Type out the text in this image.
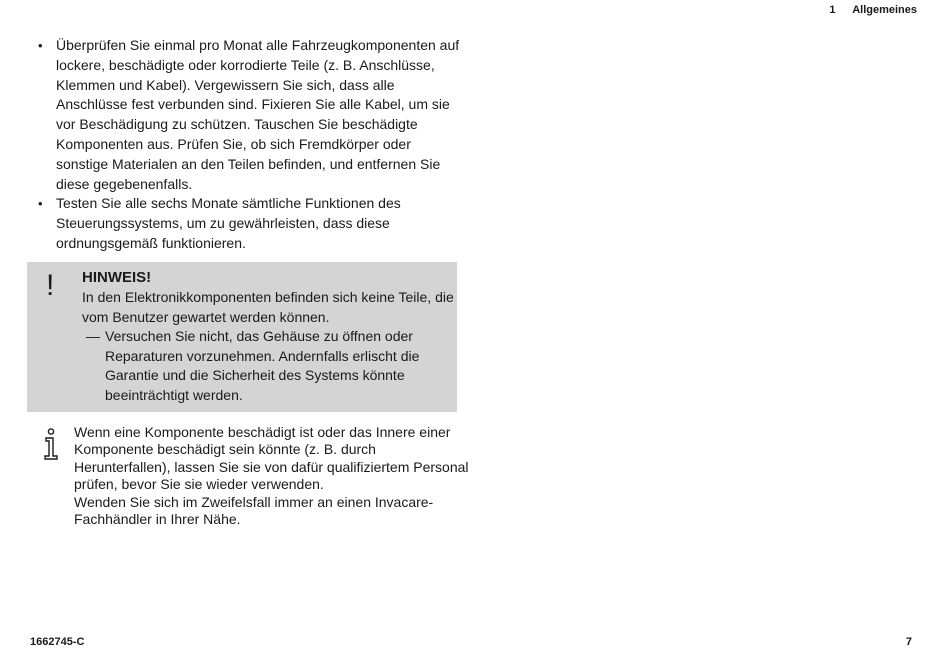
1 Allgemeines
• Überprüfen Sie einmal pro Monat alle Fahrzeugkomponenten auf lockere, beschädigte oder korrodierte Teile (z. B. Anschlüsse, Klemmen und Kabel). Vergewissern Sie sich, dass alle Anschlüsse fest verbunden sind. Fixieren Sie alle Kabel, um sie vor Beschädigung zu schützen. Tauschen Sie beschädigte Komponenten aus. Prüfen Sie, ob sich Fremdkörper oder sonstige Materialen an den Teilen befinden, und entfernen Sie diese gegebenenfalls.
• Testen Sie alle sechs Monate sämtliche Funktionen des Steuerungssystems, um zu gewährleisten, dass diese ordnungsgemäß funktionieren.
! HINWEIS!
In den Elektronikkomponenten befinden sich keine Teile, die vom Benutzer gewartet werden können.
— Versuchen Sie nicht, das Gehäuse zu öffnen oder Reparaturen vorzunehmen. Andernfalls erlischt die Garantie und die Sicherheit des Systems könnte beeinträchtigt werden.
Wenn eine Komponente beschädigt ist oder das Innere einer Komponente beschädigt sein könnte (z. B. durch Herunterfallen), lassen Sie sie von dafür qualifiziertem Personal prüfen, bevor Sie sie wieder verwenden.
Wenden Sie sich im Zweifelsfall immer an einen Invacare-Fachhändler in Ihrer Nähe.
1662745-C	7
